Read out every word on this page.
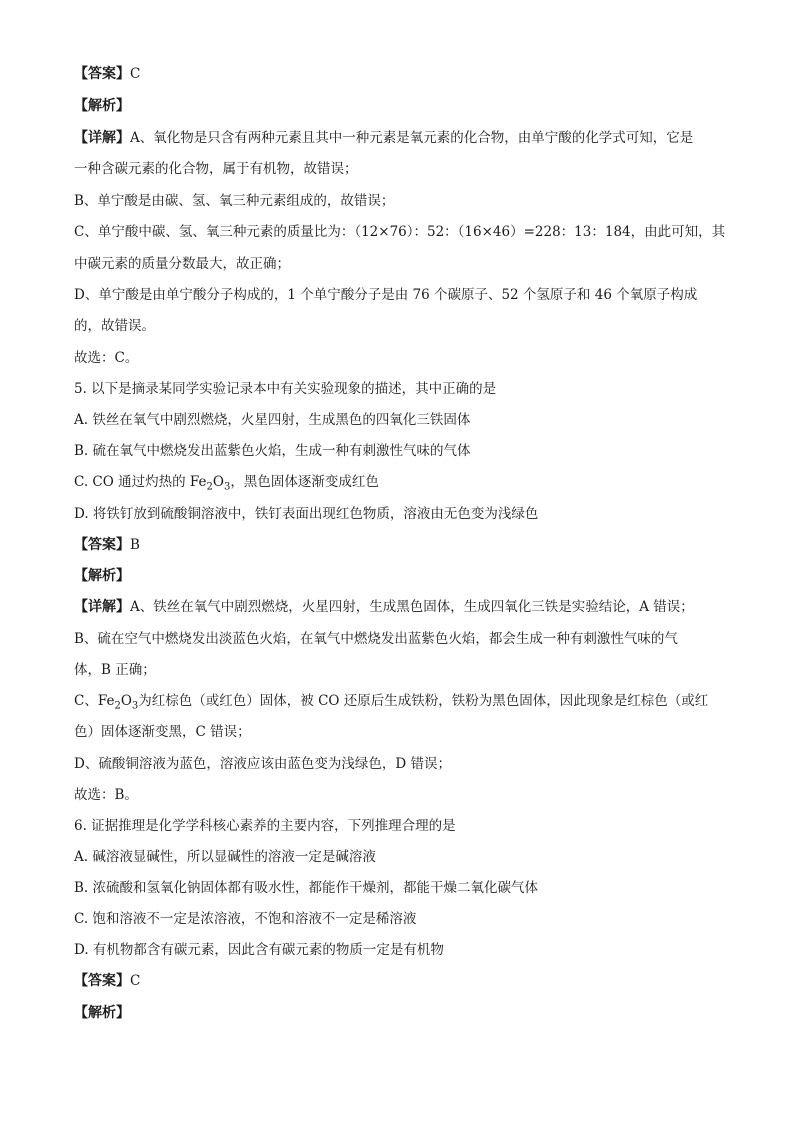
【答案】C
【解析】
【详解】A、氧化物是只含有两种元素且其中一种元素是氧元素的化合物，由单宁酸的化学式可知，它是
一种含碳元素的化合物，属于有机物，故错误；
B、单宁酸是由碳、氢、氧三种元素组成的，故错误；
C、单宁酸中碳、氢、氧三种元素的质量比为：（12×76）：52：（16×46）=228：13：184，由此可知，其
中碳元素的质量分数最大，故正确；
D、单宁酸是由单宁酸分子构成的，1 个单宁酸分子是由 76 个碳原子、52 个氢原子和 46 个氧原子构成
的，故错误。
故选：C。
5. 以下是摘录某同学实验记录本中有关实验现象的描述，其中正确的是
A. 铁丝在氧气中剧烈燃烧，火星四射，生成黑色的四氧化三铁固体
B. 硫在氧气中燃烧发出蓝紫色火焰，生成一种有刺激性气味的气体
C. CO 通过灼热的 $Fe_2O_3$，黑色固体逐渐变成红色
D. 将铁钉放到硫酸铜溶液中，铁钉表面出现红色物质，溶液由无色变为浅绿色
【答案】B
【解析】
【详解】A、铁丝在氧气中剧烈燃烧，火星四射，生成黑色固体，生成四氧化三铁是实验结论，A 错误；
B、硫在空气中燃烧发出淡蓝色火焰，在氧气中燃烧发出蓝紫色火焰，都会生成一种有刺激性气味的气
体，B 正确；
C、$Fe_2O_3$为红棕色（或红色）固体，被 CO 还原后生成铁粉，铁粉为黑色固体，因此现象是红棕色（或红
色）固体逐渐变黑，C 错误；
D、硫酸铜溶液为蓝色，溶液应该由蓝色变为浅绿色，D 错误；
故选：B。
6. 证据推理是化学学科核心素养的主要内容，下列推理合理的是
A. 碱溶液显碱性，所以显碱性的溶液一定是碱溶液
B. 浓硫酸和氢氧化钠固体都有吸水性，都能作干燥剂，都能干燥二氧化碳气体
C. 饱和溶液不一定是浓溶液，不饱和溶液不一定是稀溶液
D. 有机物都含有碳元素，因此含有碳元素的物质一定是有机物
【答案】C
【解析】
